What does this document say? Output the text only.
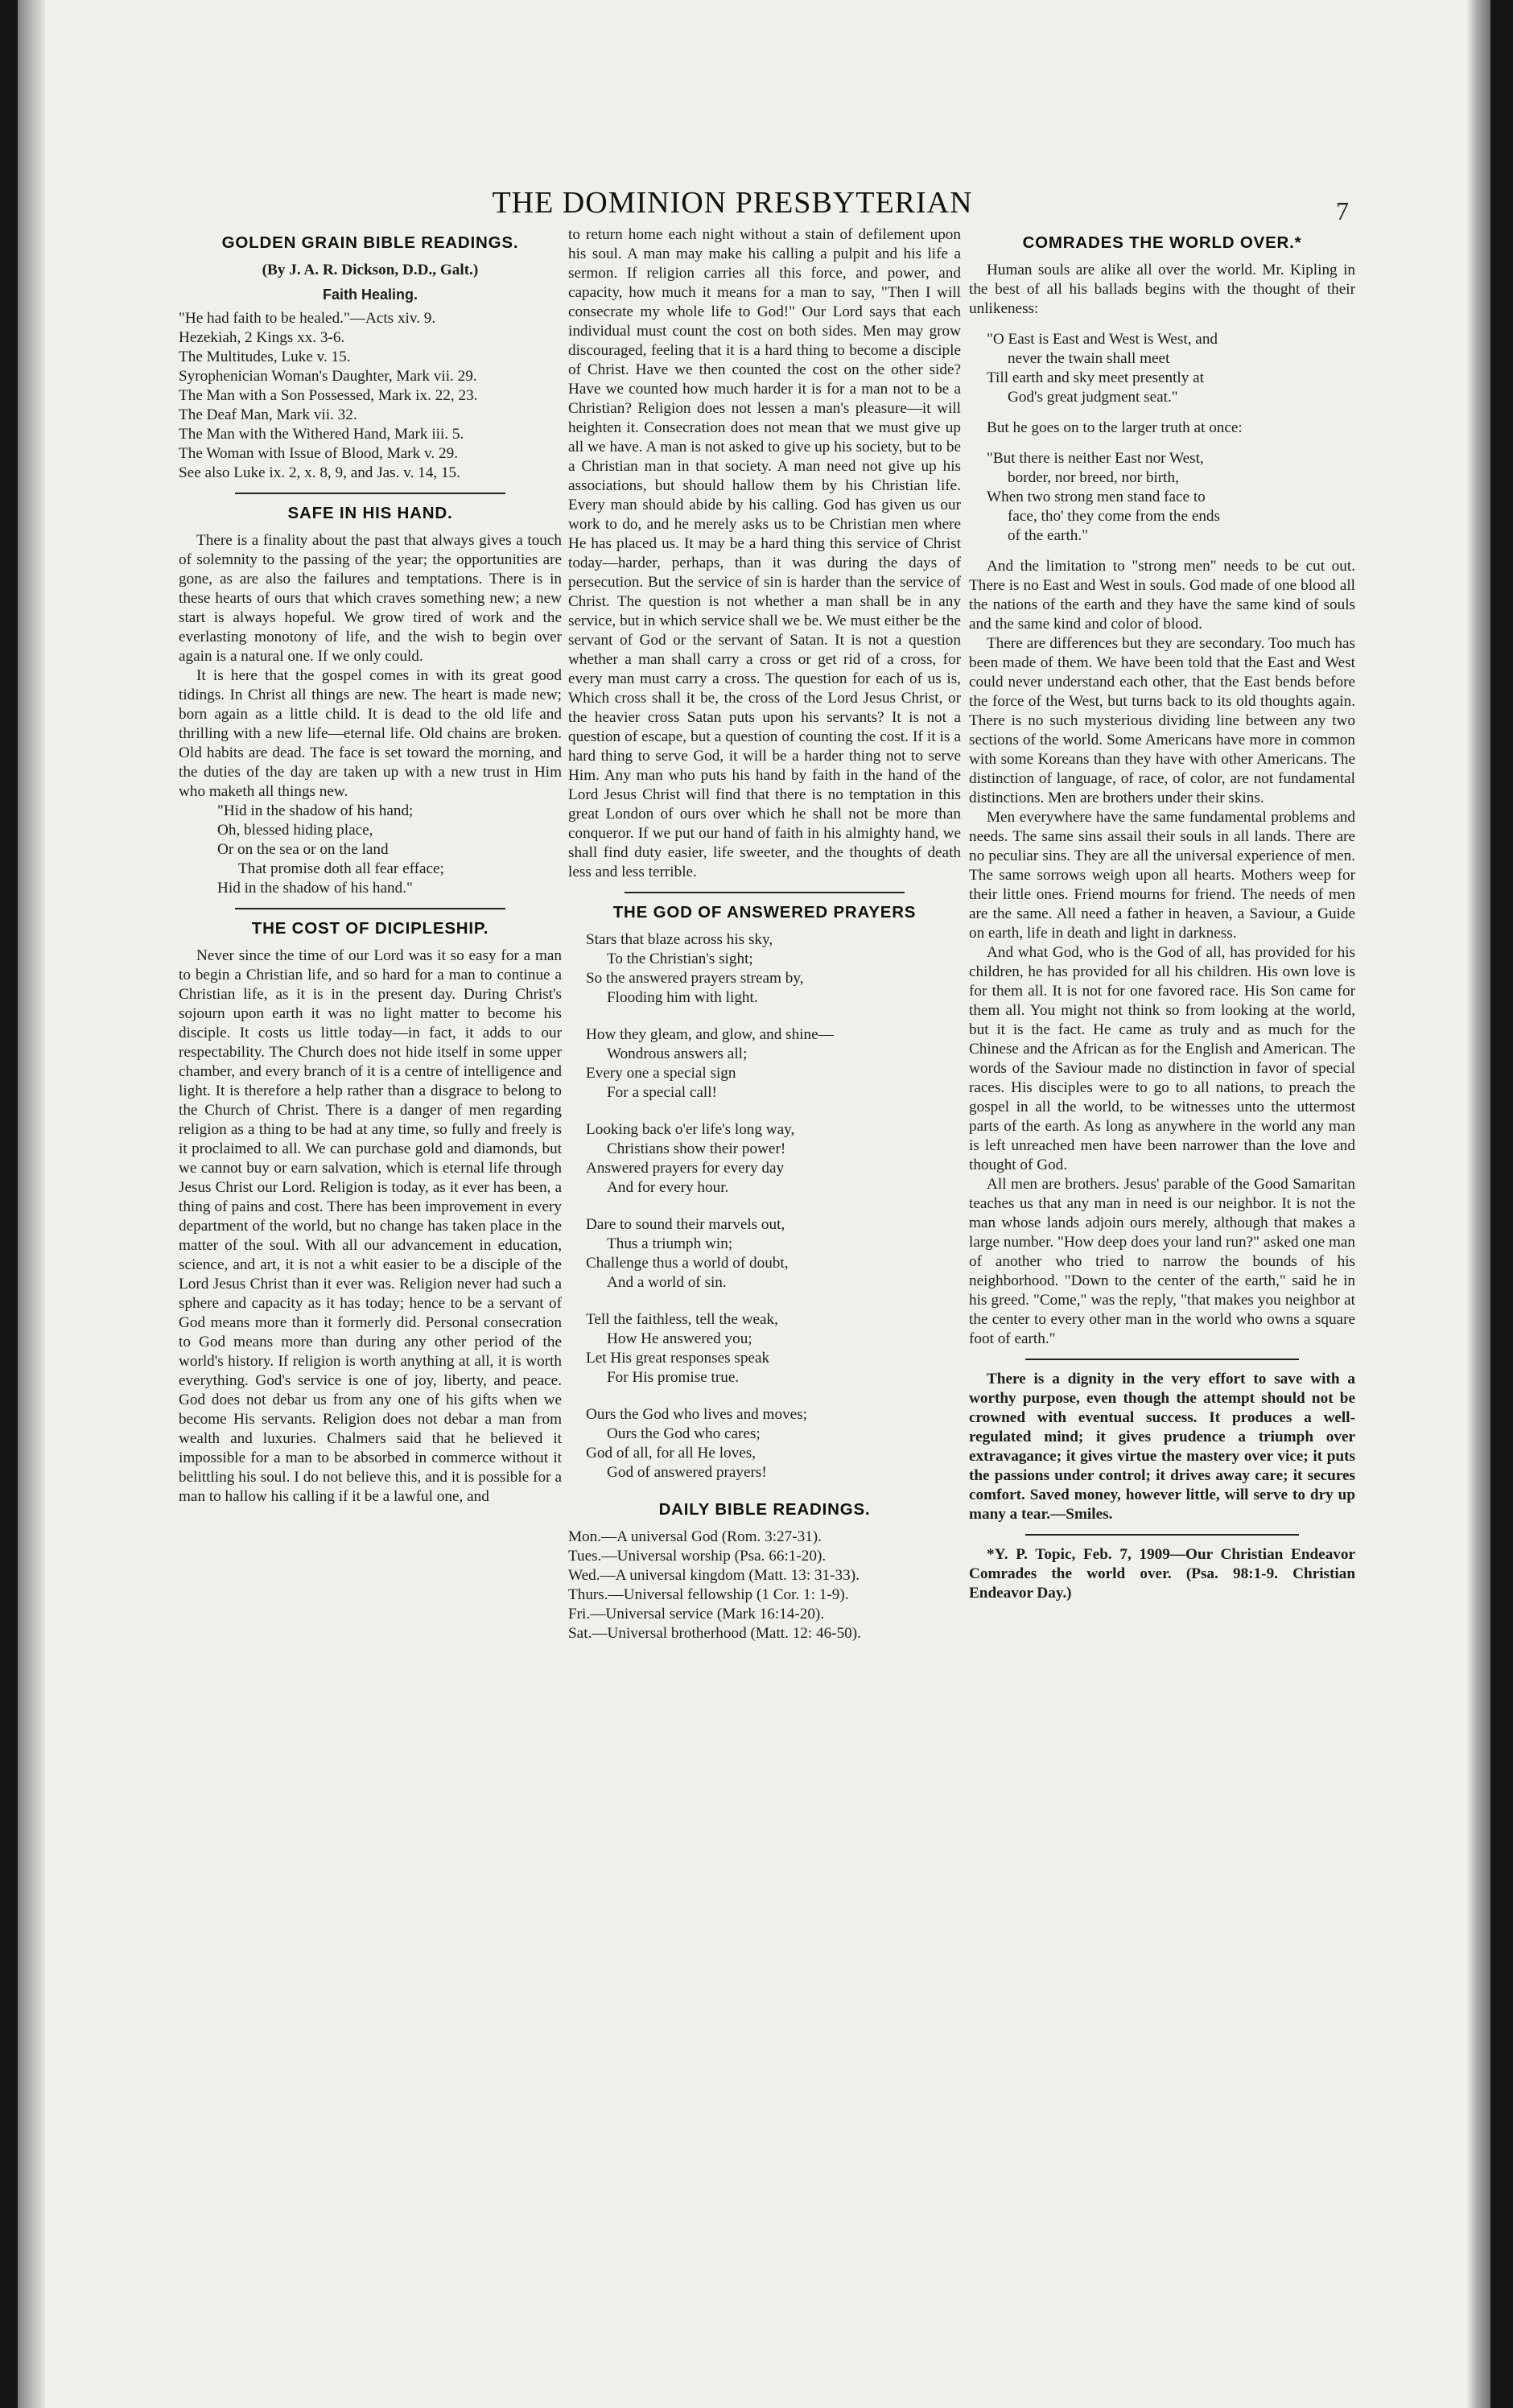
THE DOMINION PRESBYTERIAN	7
GOLDEN GRAIN BIBLE READINGS.
(By J. A. R. Dickson, D.D., Galt.)
Faith Healing.

"He had faith to be healed."—Acts xiv. 9.

Hezekiah, 2 Kings xx. 3-6.

The Multitudes, Luke v. 15.

Syrophenician Woman's Daughter, Mark vii. 29.

The Man with a Son Possessed, Mark ix. 22, 23.

The Deaf Man, Mark vii. 32.

The Man with the Withered Hand, Mark iii. 5.

The Woman with Issue of Blood, Mark v. 29.

See also Luke ix. 2, x. 8, 9, and Jas. v. 14, 15.

SAFE IN HIS HAND.

There is a finality about the past that always gives a touch of solemnity to the passing of the year; the opportunities are gone, as are also the failures and temptations. There is in these hearts of ours that which craves something new; a new start is always hopeful. We grow tired of work and the everlasting monotony of life, and the wish to begin over again is a natural one. If we only could.

It is here that the gospel comes in with its great good tidings. In Christ all things are new. The heart is made new; born again as a little child. It is dead to the old life and thrilling with a new life—eternal life. Old chains are broken. Old habits are dead. The face is set toward the morning, and the duties of the day are taken up with a new trust in Him who maketh all things new.

"Hid in the shadow of his hand;

Oh, blessed hiding place,

Or on the sea or on the land

That promise doth all fear efface;

Hid in the shadow of his hand."

THE COST OF DICIPLESHIP.

Never since the time of our Lord was it so easy for a man to begin a Christian life, and so hard for a man to continue a Christian life, as it is in the present day. During Christ's sojourn upon earth it was no light matter to become his disciple. It costs us little today—in fact, it adds to our respectability. The Church does not hide itself in some upper chamber, and every branch of it is a centre of intelligence and light. It is therefore a help rather than a disgrace to belong to the Church of Christ. There is a danger of men regarding religion as a thing to be had at any time, so fully and freely is it proclaimed to all. We can purchase gold and diamonds, but we cannot buy or earn salvation, which is eternal life through Jesus Christ our Lord. Religion is today, as it ever has been, a thing of pains and cost. There has been improvement in every department of the world, but no change has taken place in the matter of the soul. With all our advancement in education, science, and art, it is not a whit easier to be a disciple of the Lord Jesus Christ than it ever was. Religion never had such a sphere and capacity as it has today; hence to be a servant of God means more than it formerly did. Personal consecration to God means more than during any other period of the world's history. If religion is worth anything at all, it is worth everything. God's service is one of joy, liberty, and peace. God does not debar us from any one of his gifts when we become His servants. Religion does not debar a man from wealth and luxuries. Chalmers said that he believed it impossible for a man to be absorbed in commerce without it belittling his soul. I do not believe this, and it is possible for a man to hallow his calling if it be a lawful one, and

to return home each night without a stain of defilement upon his soul. A man may make his calling a pulpit and his life a sermon. If religion carries all this force, and power, and capacity, how much it means for a man to say, "Then I will consecrate my whole life to God!" Our Lord says that each individual must count the cost on both sides. Men may grow discouraged, feeling that it is a hard thing to become a disciple of Christ. Have we then counted the cost on the other side? Have we counted how much harder it is for a man not to be a Christian? Religion does not lessen a man's pleasure—it will heighten it. Consecration does not mean that we must give up all we have. A man is not asked to give up his society, but to be a Christian man in that society. A man need not give up his associations, but should hallow them by his Christian life. Every man should abide by his calling. God has given us our work to do, and he merely asks us to be Christian men where He has placed us. It may be a hard thing this service of Christ today—harder, perhaps, than it was during the days of persecution. But the service of sin is harder than the service of Christ. The question is not whether a man shall be in any service, but in which service shall we be. We must either be the servant of God or the servant of Satan. It is not a question whether a man shall carry a cross or get rid of a cross, for every man must carry a cross. The question for each of us is, Which cross shall it be, the cross of the Lord Jesus Christ, or the heavier cross Satan puts upon his servants? It is not a question of escape, but a question of counting the cost. If it is a hard thing to serve God, it will be a harder thing not to serve Him. Any man who puts his hand by faith in the hand of the Lord Jesus Christ will find that there is no temptation in this great London of ours over which he shall not be more than conqueror. If we put our hand of faith in his almighty hand, we shall find duty easier, life sweeter, and the thoughts of death less and less terrible.

THE GOD OF ANSWERED PRAYERS

Stars that blaze across his sky,

To the Christian's sight;

So the answered prayers stream by,

Flooding him with light.

How they gleam, and glow, and shine—

Wondrous answers all;

Every one a special sign

For a special call!

Looking back o'er life's long way,

Christians show their power!

Answered prayers for every day

And for every hour.

Dare to sound their marvels out,

Thus a triumph win;

Challenge thus a world of doubt,

And a world of sin.

Tell the faithless, tell the weak,

How He answered you;

Let His great responses speak

For His promise true.

Ours the God who lives and moves;

Ours the God who cares;

God of all, for all He loves,

God of answered prayers!

DAILY BIBLE READINGS.

Mon.—A universal God (Rom. 3:27-31).

Tues.—Universal worship (Psa. 66:1-20).

Wed.—A universal kingdom (Matt. 13: 31-33).

Thurs.—Universal fellowship (1 Cor. 1: 1-9).

Fri.—Universal service (Mark 16:14-20).

Sat.—Universal brotherhood (Matt. 12: 46-50).

COMRADES THE WORLD OVER.*

Human souls are alike all over the world. Mr. Kipling in the best of all his ballads begins with the thought of their unlikeness:

"O East is East and West is West, and

never the twain shall meet

Till earth and sky meet presently at

God's great judgment seat."

But he goes on to the larger truth at once:

"But there is neither East nor West,

border, nor breed, nor birth,

When two strong men stand face to

face, tho' they come from the ends

of the earth."

And the limitation to "strong men" needs to be cut out. There is no East and West in souls. God made of one blood all the nations of the earth and they have the same kind of souls and the same kind and color of blood.

There are differences but they are secondary. Too much has been made of them. We have been told that the East and West could never understand each other, that the East bends before the force of the West, but turns back to its old thoughts again. There is no such mysterious dividing line between any two sections of the world. Some Americans have more in common with some Koreans than they have with other Americans. The distinction of language, of race, of color, are not fundamental distinctions. Men are brothers under their skins.

Men everywhere have the same fundamental problems and needs. The same sins assail their souls in all lands. There are no peculiar sins. They are all the universal experience of men. The same sorrows weigh upon all hearts. Mothers weep for their little ones. Friend mourns for friend. The needs of men are the same. All need a father in heaven, a Saviour, a Guide on earth, life in death and light in darkness.

And what God, who is the God of all, has provided for his children, he has provided for all his children. His own love is for them all. It is not for one favored race. His Son came for them all. You might not think so from looking at the world, but it is the fact. He came as truly and as much for the Chinese and the African as for the English and American. The words of the Saviour made no distinction in favor of special races. His disciples were to go to all nations, to preach the gospel in all the world, to be witnesses unto the uttermost parts of the earth. As long as anywhere in the world any man is left unreached men have been narrower than the love and thought of God.

All men are brothers. Jesus' parable of the Good Samaritan teaches us that any man in need is our neighbor. It is not the man whose lands adjoin ours merely, although that makes a large number. "How deep does your land run?" asked one man of another who tried to narrow the bounds of his neighborhood. "Down to the center of the earth," said he in his greed. "Come," was the reply, "that makes you neighbor at the center to every other man in the world who owns a square foot of earth."

There is a dignity in the very effort to save with a worthy purpose, even though the attempt should not be crowned with eventual success. It produces a well-regulated mind; it gives prudence a triumph over extravagance; it gives virtue the mastery over vice; it puts the passions under control; it drives away care; it secures comfort. Saved money, however little, will serve to dry up many a tear.—Smiles.

*Y. P. Topic, Feb. 7, 1909—Our Christian Endeavor Comrades the world over. (Psa. 98:1-9. Christian Endeavor Day.)
